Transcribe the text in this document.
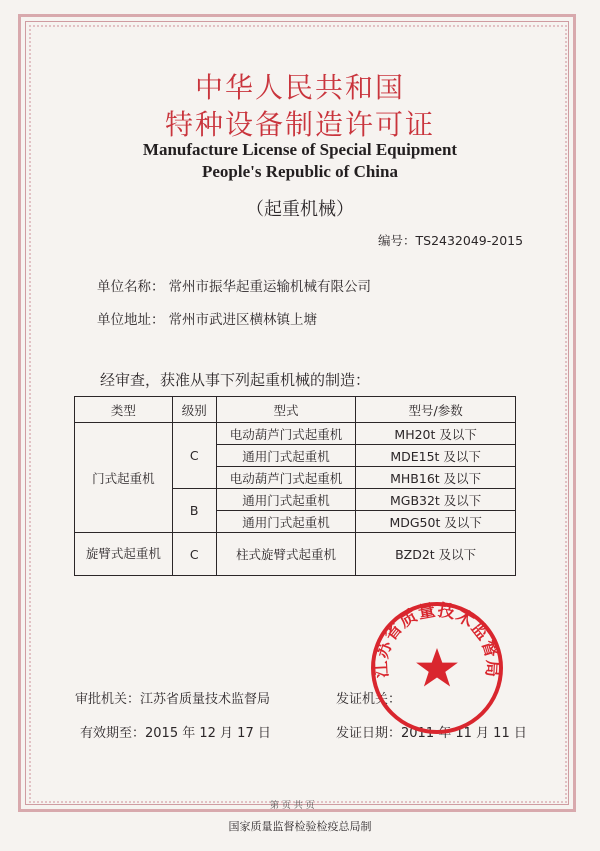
中华人民共和国
特种设备制造许可证
Manufacture License of Special Equipment
People's Republic of China
（起重机械）
编号：TS2432049-2015
单位名称： 常州市振华起重运输机械有限公司
单位地址： 常州市武进区横林镇上塘
经审查，获准从事下列起重机械的制造：
类型	级别	型式	型号/参数
门式起重机	C	电动葫芦门式起重机	MH20t 及以下
		通用门式起重机	MDE15t 及以下
		电动葫芦门式起重机	MHB16t 及以下
	B	通用门式起重机	MGB32t 及以下
		通用门式起重机	MDG50t 及以下
旋臂式起重机	C	柱式旋臂式起重机	BZD2t 及以下
审批机关：江苏省质量技术监督局	发证机关：
有效期至：2015 年 12 月 17 日	发证日期：2011 年 11 月 11 日
江苏省质量技术监督局
第 页 共 页
国家质量监督检验检疫总局制
